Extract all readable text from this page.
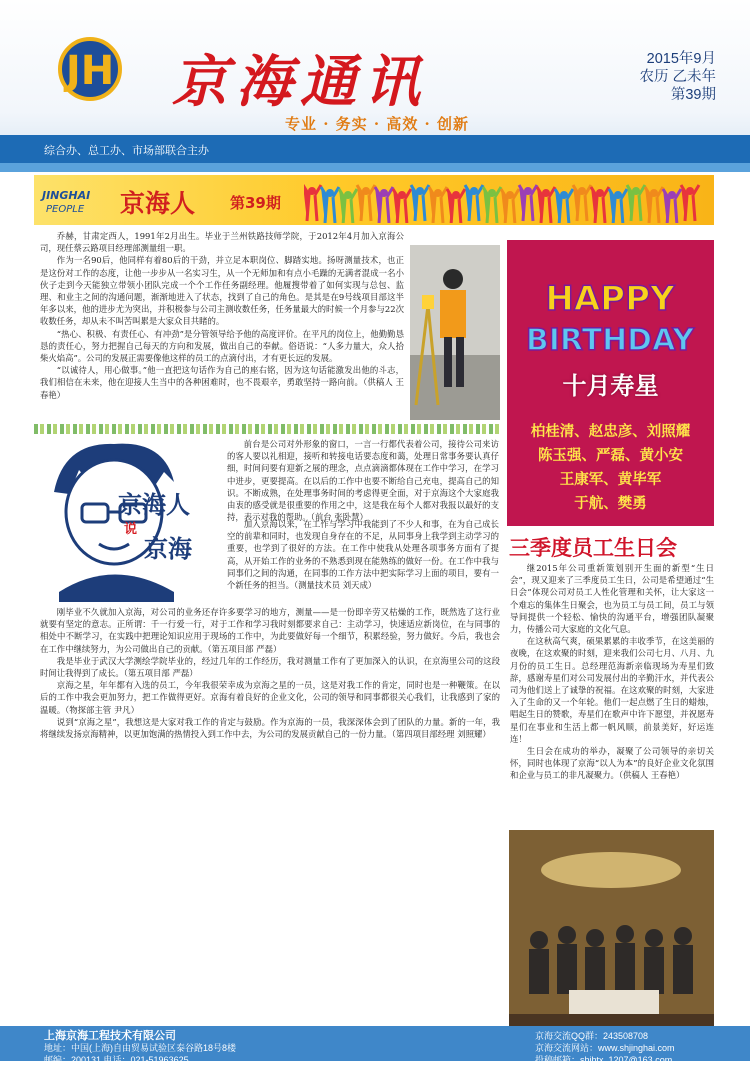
JH 京海通讯
专业 · 务实 · 高效 · 创新
2015年9月
农历 乙未年
第39期
综合办、总工办、市场部联合主办
JINGHAI
PEOPLE 京海人 第39期

乔赫，甘肃定西人，1991年2月出生。毕业于兰州铁路技师学院，于2012年4月加入京海公司，现任蔡云路项目经理部测量组一职。

作为一名90后，他同样有着80后的干劲，并立足本职岗位、脚踏实地。扬呀测量技术，也正是这份对工作的态度，让他一步步从一名实习生，从一个无师加和有点小毛躁的无满者混成一名小伙子走到今天能独立带领小团队完成一个个工作任务副经理。他履搜带着了如何实现与总包、监理、和业主之间的沟通问题，渐渐地进入了状态，找到了自己的角色。是其是在9号线项目部这半年多以来，他的进步尤为突出，并积极参与公司主测收数任务，任务量最大的时候一个月参与22次收数任务，却从未不叫苦叫累是大家众目共睹的。

“热心、积极、有责任心、有冲劲”是分管领导给予他的高度评价。在平凡的岗位上，他勤勤恳恳的责任心，努力把握自己每天的方向和发展，做出自己的奉献。俗语说：“人多力量大，众人拾柴火焰高”。公司的发展正需要像他这样的员工的点滴付出，才有更长远的发展。

“以诚待人，用心做事。”他一直把这句话作为自己的座右铭，因为这句话能激发出他的斗志，我们相信在未来，他在迎接人生当中的各种困难时，也不畏艰辛，勇敢坚持一路向前。（供稿人 王春艳）

京海人
说
京海

前台是公司对外形象的窗口，一言一行都代表着公司，接待公司来访的客人要以礼相迎，接听和转接电话要态度和蔼，处理日常事务要认真仔细，时间问要有迎新之展的理念，点点滴滴都体现在工作中学习，在学习中进步，更要提高。在以后的工作中也要不断给自己充电，提高自己的知识。不断成熟，在处理事务时间的考虑得更全面，对于京海这个大家庭我由衷的感受就是很重要的作用之中，这是我在每个人都对我报以最好的支持，表示对我的帮助。（前台 张卧慧）

加入京海以来，在工作与学习中我能到了不少人和事，在为自己成长空的前辈和同时，也发现自身存在的不足，从同事身上我学到主动学习的重要，也学到了很好的方法。在工作中使我从处理各项事务方面有了提高，从开始工作的业务的不熟悉到现在能熟练的做好一份。在工作中我与同事们之间的沟通，在同事的工作方法中把实际学习上面的项目，要有一个新任务的担当。（测量技术员 刘天成）

刚毕业不久就加入京海，对公司的业务还存许多要学习的地方，测量——是一份即辛劳又枯燥的工作，既然选了这行业就要有坚定的意志。正所谓：千一行爱一行，对于工作和学习我时刻都要求自己：主动学习，快速适应新岗位，在与同事的相处中不断学习，在实践中把理论知识应用于现场的工作中，为此要做好每一个细节，积累经验，努力做好。今后，我也会在工作中继续努力，为公司做出自己的贡献。（第五项目部 严磊）

我是毕业于武汉大学测绘学院毕业的，经过几年的工作经历，我对测量工作有了更加深入的认识，在京海里公司的这段时间让我得到了成长。（第五项目部 严磊）

京海之星，年年都有入选的员工，今年我很荣幸成为京海之星的一员，这是对我工作的肯定，同时也是一种鞭策。在以后的工作中我会更加努力，把工作做得更好。京海有着良好的企业文化，公司的领导和同事都很关心我们，让我感到了家的温暖。（物探部主管 尹凡）

说到“京海之星”，我想这是大家对我工作的肯定与鼓励。作为京海的一员，我深深体会到了团队的力量。新的一年，我将继续发扬京海精神，以更加饱满的热情投入到工作中去，为公司的发展贡献自己的一份力量。（第四项目部经理 刘照耀）

HAPPY
BIRTHDAY
十月寿星
柏桂清、赵忠彦、刘照耀
陈玉强、严磊、黄小安
王康军、黄毕军
于航、樊勇
三季度员工生日会

继2015年公司重新策划别开生面的新型“生日会”，现又迎来了三季度员工生日，公司是希望通过“生日会”体现公司对员工人性化管理和关怀，让大家这一个难忘的集体生日聚会，也为员工与员工间，员工与领导间提供一个轻松、愉快的沟通平台，增强团队凝聚力，传播公司大家庭的文化气息。

在这秋高气爽，硕果累累的丰收季节，在这美丽的夜晚，在这欢聚的时刻，迎来我们公司七月、八月、九月份的员工生日。总经理范海新亲临现场为寿星们致辞，感谢寿星们对公司发展付出的辛勤汗水，并代表公司为他们送上了诚挚的祝福。在这欢聚的时刻，大家进入了生命的又一个年轮。他们一起点燃了生日的蜡烛，唱起生日的赞歌，寿星们在歌声中许下愿望，并祝愿寿星们在事业和生活上都一帆风顺，前景美好，好运连连！

生日会在成功的举办，凝聚了公司领导的亲切关怀，同时也体现了京海“以人为本”的良好企业文化氛围和企业与员工的非凡凝聚力。（供稿人 王春艳）

上海京海工程技术有限公司
地址：中国(上海)自由贸易试验区泰谷路18号8楼
邮编：200131 电话：021-51963625
京海交流QQ群：243508708
京海交流网站：www.shjinghai.com
投稿邮箱：shjhtx_1207@163.com
